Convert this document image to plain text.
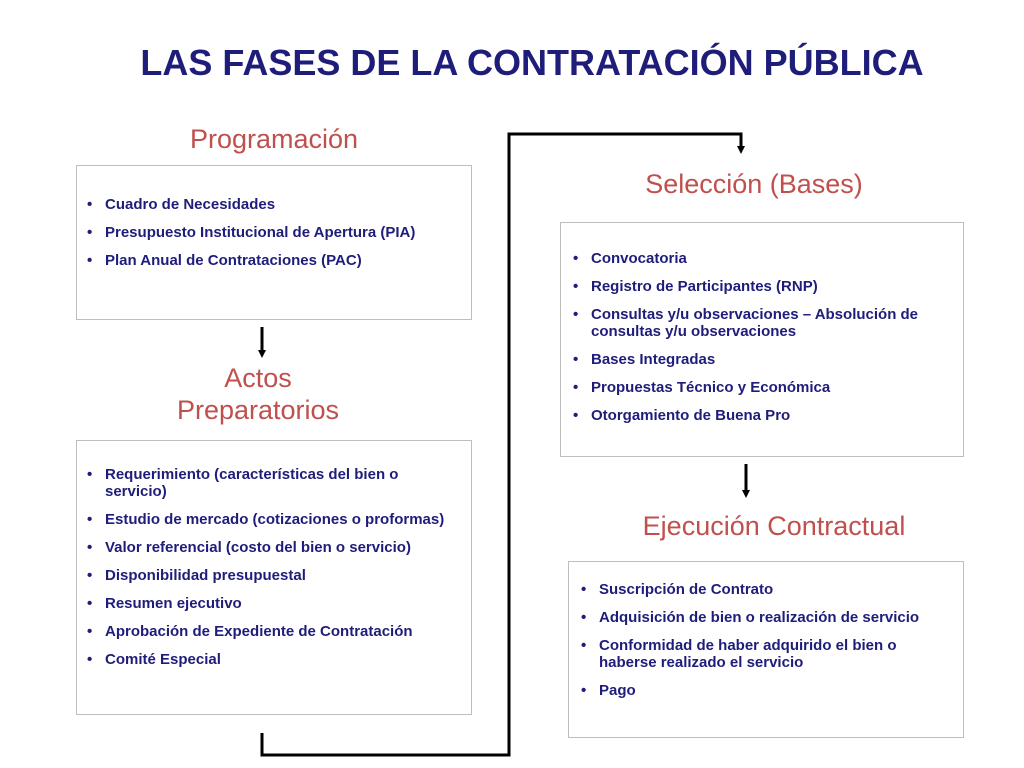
LAS FASES DE LA CONTRATACIÓN PÚBLICA
Programación
• Cuadro de Necesidades
• Presupuesto Institucional de Apertura (PIA)
• Plan Anual de Contrataciones (PAC)
Actos
Preparatorios
• Requerimiento (características del bien o servicio)
• Estudio de mercado (cotizaciones o proformas)
• Valor referencial (costo del bien o servicio)
• Disponibilidad presupuestal
• Resumen ejecutivo
• Aprobación de Expediente de Contratación
• Comité Especial
Selección (Bases)
• Convocatoria
• Registro de Participantes (RNP)
• Consultas y/u observaciones – Absolución de consultas y/u observaciones
• Bases Integradas
• Propuestas Técnico y Económica
• Otorgamiento de Buena Pro
Ejecución Contractual
• Suscripción de Contrato
• Adquisición de bien o realización de servicio
• Conformidad de haber adquirido el bien o haberse realizado el servicio
• Pago
